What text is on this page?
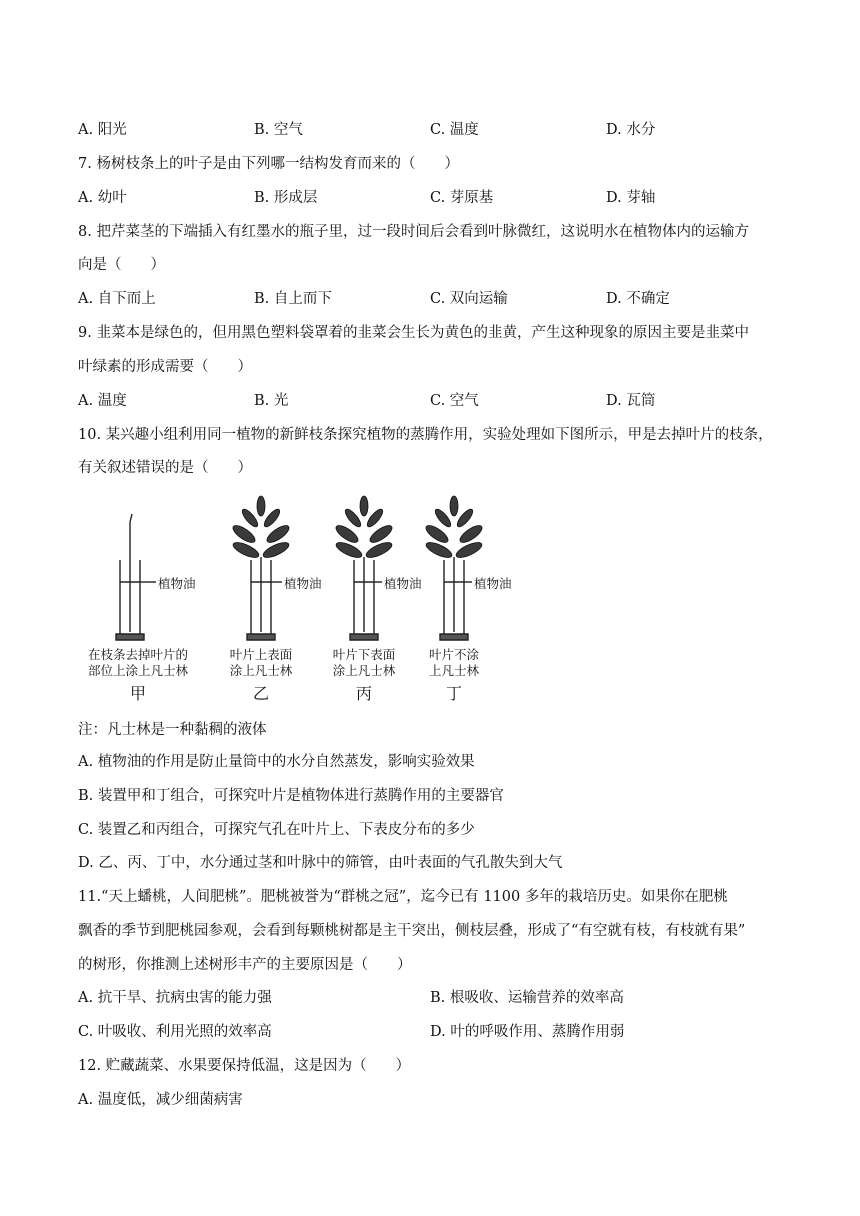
A. 阳光	B. 空气	C. 温度	D. 水分
7. 杨树枝条上的叶子是由下列哪一结构发育而来的（　　）
A. 幼叶	B. 形成层	C. 芽原基	D. 芽轴
8. 把芹菜茎的下端插入有红墨水的瓶子里，过一段时间后会看到叶脉微红，这说明水在植物体内的运输方
向是（　　）
A. 自下而上	B. 自上而下	C. 双向运输	D. 不确定
9. 韭菜本是绿色的，但用黑色塑料袋罩着的韭菜会生长为黄色的韭黄，产生这种现象的原因主要是韭菜中
叶绿素的形成需要（　　）
A. 温度	B. 光	C. 空气	D. 瓦筒
10. 某兴趣小组利用同一植物的新鲜枝条探究植物的蒸腾作用，实验处理如下图所示，甲是去掉叶片的枝条，
有关叙述错误的是（　　）
植物油	植物油	植物油	植物油
在枝条去掉叶片的
部位上涂上凡士林
甲
叶片上表面
涂上凡士林
乙
叶片下表面
涂上凡士林
丙
叶片不涂
上凡士林
丁
注：凡士林是一种黏稠的液体
A. 植物油的作用是防止量筒中的水分自然蒸发，影响实验效果
B. 装置甲和丁组合，可探究叶片是植物体进行蒸腾作用的主要器官
C. 装置乙和丙组合，可探究气孔在叶片上、下表皮分布的多少
D. 乙、丙、丁中，水分通过茎和叶脉中的筛管，由叶表面的气孔散失到大气
11.“天上蟠桃，人间肥桃”。肥桃被誉为“群桃之冠”，迄今已有 1100 多年的栽培历史。如果你在肥桃
飘香的季节到肥桃园参观，会看到每颗桃树都是主干突出，侧枝层叠，形成了“有空就有枝，有枝就有果”
的树形，你推测上述树形丰产的主要原因是（　　）
A. 抗干旱、抗病虫害的能力强	B. 根吸收、运输营养的效率高
C. 叶吸收、利用光照的效率高	D. 叶的呼吸作用、蒸腾作用弱
12. 贮藏蔬菜、水果要保持低温，这是因为（　　）
A. 温度低，减少细菌病害
